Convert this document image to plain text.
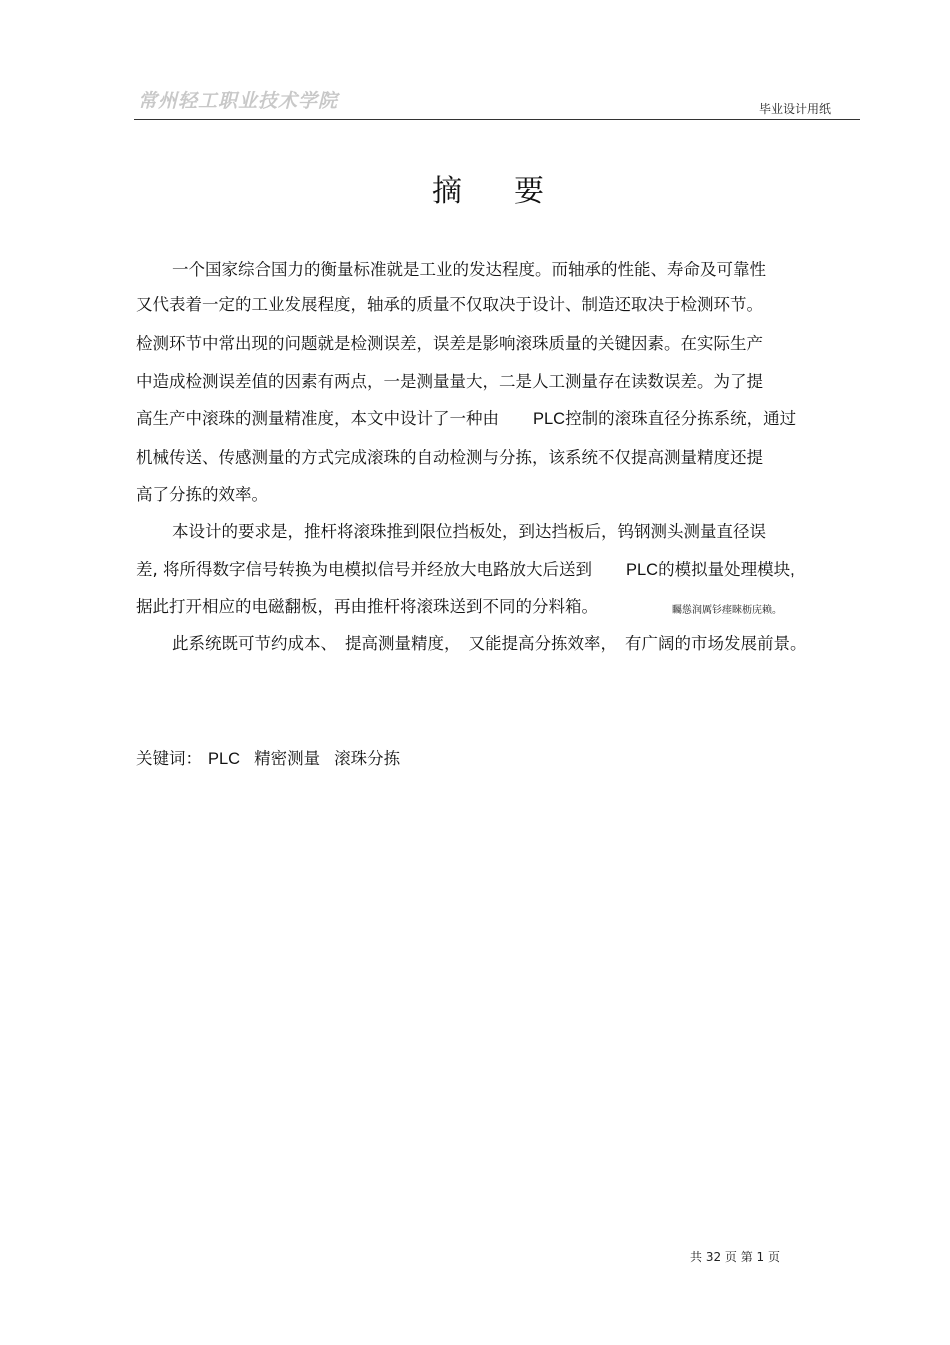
常州轻工职业技术学院	毕业设计用纸
摘 要
一个国家综合国力的衡量标准就是工业的发达程度。而轴承的性能、寿命及可靠性
又代表着一定的工业发展程度，轴承的质量不仅取决于设计、制造还取决于检测环节。
检测环节中常出现的问题就是检测误差，误差是影响滚珠质量的关键因素。在实际生产
中造成检测误差值的因素有两点，一是测量量大，二是人工测量存在读数误差。为了提
高生产中滚珠的测量精准度，本文中设计了一种由 PLC控制的滚珠直径分拣系统，通过
机械传送、传感测量的方式完成滚珠的自动检测与分拣，该系统不仅提高测量精度还提
高了分拣的效率。
本设计的要求是，推杆将滚珠推到限位挡板处，到达挡板后，钨钢测头测量直径误
差, 将所得数字信号转换为电模拟信号并经放大电路放大后送到 PLC的模拟量处理模块,
据此打开相应的电磁翻板，再由推杆将滚珠送到不同的分料箱。	矚慫润厲钐瘗睞枥庑赖。
此系统既可节约成本、 提高测量精度， 又能提高分拣效率， 有广阔的市场发展前景。
关键词： PLC 精密测量 滚珠分拣
共 32 页 第 1 页
